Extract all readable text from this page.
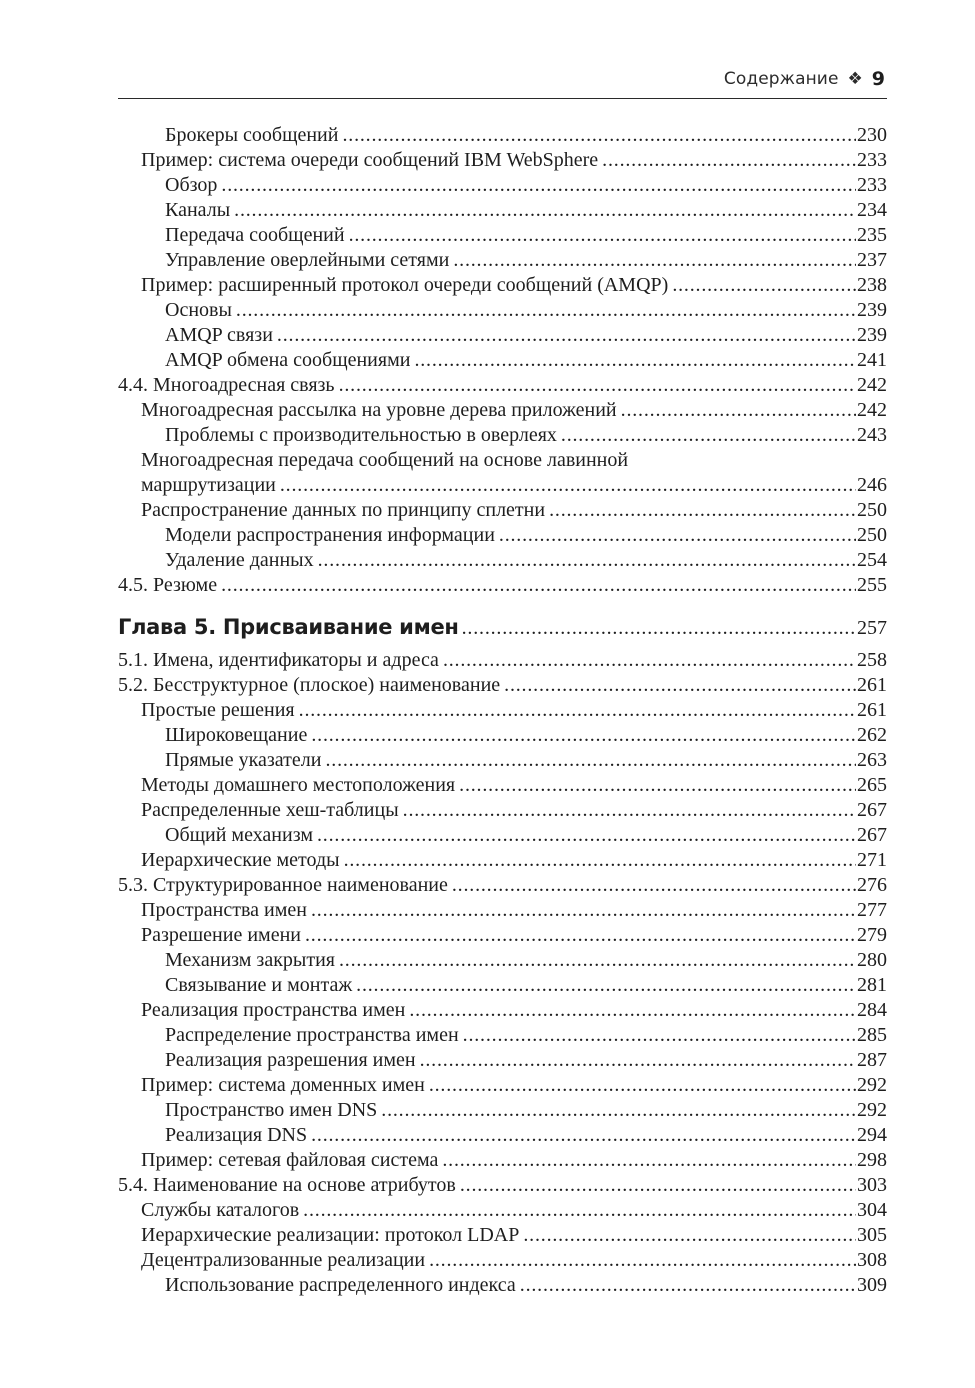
Содержание ❖ 9
Брокеры сообщений .....	230
Пример: система очереди сообщений IBM WebSphere .....	233
Обзор .....	233
Каналы .....	234
Передача сообщений .....	235
Управление оверлейными сетями .....	237
Пример: расширенный протокол очереди сообщений (AMQP) .....	238
Основы .....	239
AMQP связи .....	239
AMQP обмена сообщениями .....	241
4.4. Многоадресная связь .....	242
Многоадресная рассылка на уровне дерева приложений .....	242
Проблемы с производительностью в оверлеях .....	243
Многоадресная передача сообщений на основе лавинной
маршрутизации .....	246
Распространение данных по принципу сплетни .....	250
Модели распространения информации .....	250
Удаление данных .....	254
4.5. Резюме .....	255
Глава 5. Присваивание имен .....	257
5.1. Имена, идентификаторы и адреса .....	258
5.2. Бесструктурное (плоское) наименование .....	261
Простые решения .....	261
Широковещание .....	262
Прямые указатели .....	263
Методы домашнего местоположения .....	265
Распределенные хеш-таблицы .....	267
Общий механизм .....	267
Иерархические методы .....	271
5.3. Структурированное наименование .....	276
Пространства имен .....	277
Разрешение имени .....	279
Механизм закрытия .....	280
Связывание и монтаж .....	281
Реализация пространства имен .....	284
Распределение пространства имен .....	285
Реализация разрешения имен .....	287
Пример: система доменных имен .....	292
Пространство имен DNS .....	292
Реализация DNS .....	294
Пример: сетевая файловая система .....	298
5.4. Наименование на основе атрибутов .....	303
Службы каталогов .....	304
Иерархические реализации: протокол LDAP .....	305
Децентрализованные реализации .....	308
Использование распределенного индекса .....	309
